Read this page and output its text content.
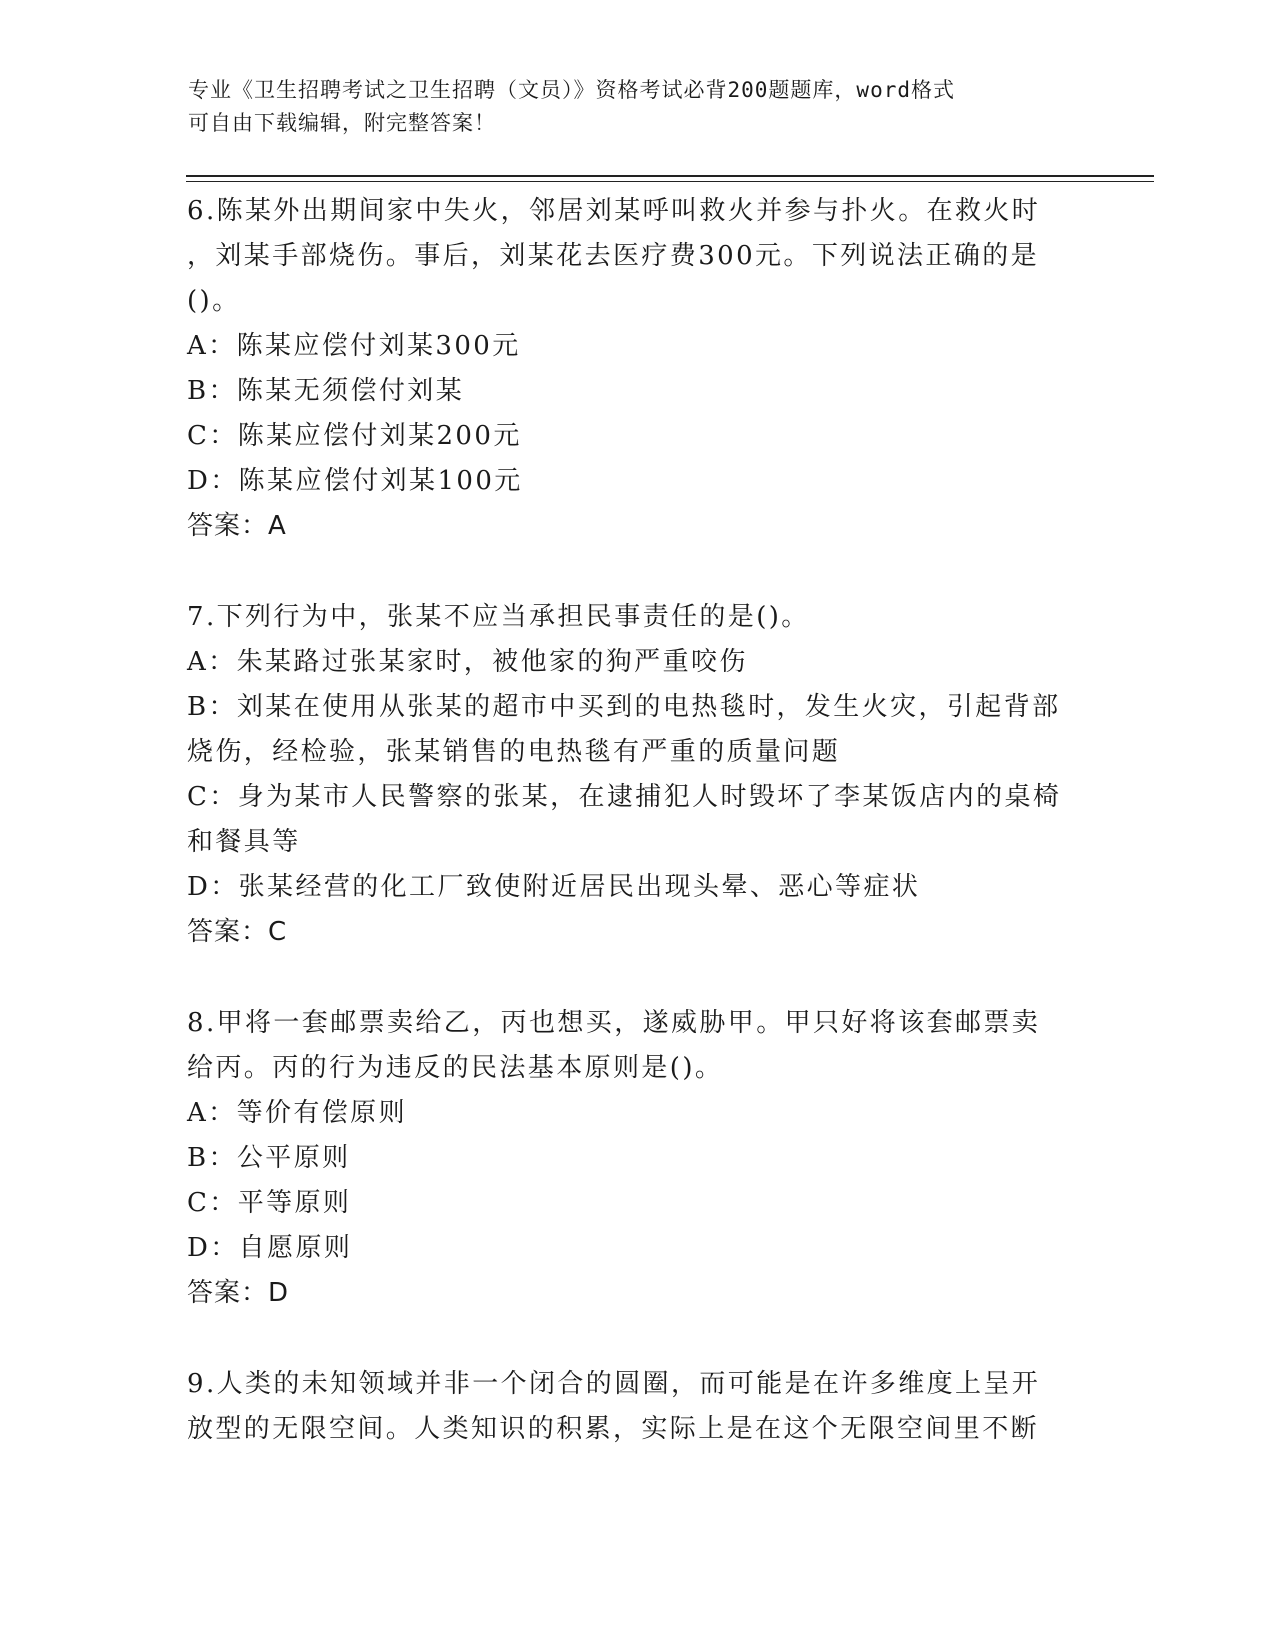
专业《卫生招聘考试之卫生招聘（文员）》资格考试必背200题题库，word格式
可自由下载编辑，附完整答案！
6.陈某外出期间家中失火，邻居刘某呼叫救火并参与扑火。在救火时
，刘某手部烧伤。事后，刘某花去医疗费300元。下列说法正确的是
()。
A：陈某应偿付刘某300元
B：陈某无须偿付刘某
C：陈某应偿付刘某200元
D：陈某应偿付刘某100元
答案：A
7.下列行为中，张某不应当承担民事责任的是()。
A：朱某路过张某家时，被他家的狗严重咬伤
B：刘某在使用从张某的超市中买到的电热毯时，发生火灾，引起背部
烧伤，经检验，张某销售的电热毯有严重的质量问题
C：身为某市人民警察的张某，在逮捕犯人时毁坏了李某饭店内的桌椅
和餐具等
D：张某经营的化工厂致使附近居民出现头晕、恶心等症状
答案：C
8.甲将一套邮票卖给乙，丙也想买，遂威胁甲。甲只好将该套邮票卖
给丙。丙的行为违反的民法基本原则是()。
A：等价有偿原则
B：公平原则
C：平等原则
D：自愿原则
答案：D
9.人类的未知领域并非一个闭合的圆圈，而可能是在许多维度上呈开
放型的无限空间。人类知识的积累，实际上是在这个无限空间里不断
